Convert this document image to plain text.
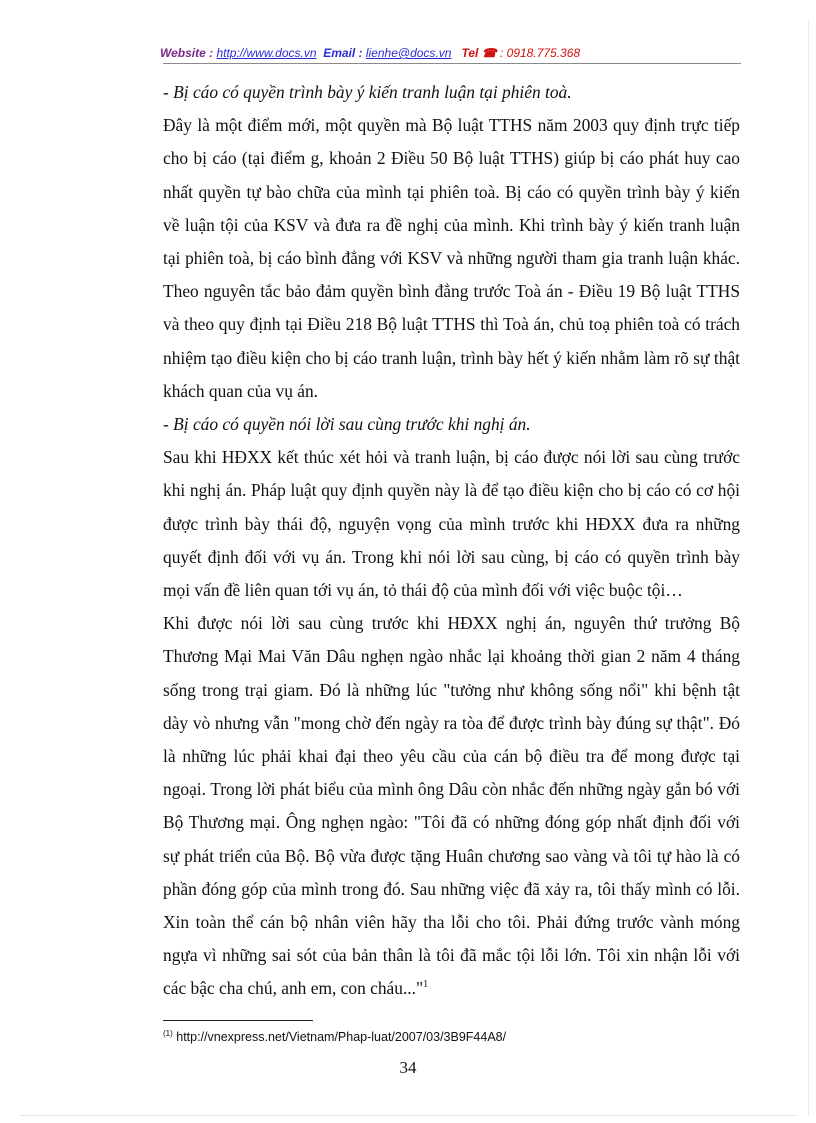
Website : http://www.docs.vn Email : lienhe@docs.vn Tel ☎ : 0918.775.368

- Bị cáo có quyền trình bày ý kiến tranh luận tại phiên toà.

Đây là một điểm mới, một quyền mà Bộ luật TTHS năm 2003 quy định trực tiếp cho bị cáo (tại điểm g, khoản 2 Điều 50 Bộ luật TTHS) giúp bị cáo phát huy cao nhất quyền tự bào chữa của mình tại phiên toà. Bị cáo có quyền trình bày ý kiến về luận tội của KSV và đưa ra đề nghị của mình. Khi trình bày ý kiến tranh luận tại phiên toà, bị cáo bình đẳng với KSV và những người tham gia tranh luận khác. Theo nguyên tắc bảo đảm quyền bình đẳng trước Toà án - Điều 19 Bộ luật TTHS và theo quy định tại Điều 218 Bộ luật TTHS thì Toà án, chủ toạ phiên toà có trách nhiệm tạo điều kiện cho bị cáo tranh luận, trình bày hết ý kiến nhằm làm rõ sự thật khách quan của vụ án.

- Bị cáo có quyền nói lời sau cùng trước khi nghị án.

Sau khi HĐXX kết thúc xét hỏi và tranh luận, bị cáo được nói lời sau cùng trước khi nghị án. Pháp luật quy định quyền này là để tạo điều kiện cho bị cáo có cơ hội được trình bày thái độ, nguyện vọng của mình trước khi HĐXX đưa ra những quyết định đối với vụ án. Trong khi nói lời sau cùng, bị cáo có quyền trình bày mọi vấn đề liên quan tới vụ án, tỏ thái độ của mình đối với việc buộc tội…

Khi được nói lời sau cùng trước khi HĐXX nghị án, nguyên thứ trưởng Bộ Thương Mại Mai Văn Dâu nghẹn ngào nhắc lại khoảng thời gian 2 năm 4 tháng sống trong trại giam. Đó là những lúc "tưởng như không sống nổi" khi bệnh tật dày vò nhưng vẫn "mong chờ đến ngày ra tòa để được trình bày đúng sự thật". Đó là những lúc phải khai đại theo yêu cầu của cán bộ điều tra để mong được tại ngoại. Trong lời phát biểu của mình ông Dâu còn nhắc đến những ngày gắn bó với Bộ Thương mại. Ông nghẹn ngào: "Tôi đã có những đóng góp nhất định đối với sự phát triển của Bộ. Bộ vừa được tặng Huân chương sao vàng và tôi tự hào là có phần đóng góp của mình trong đó. Sau những việc đã xảy ra, tôi thấy mình có lỗi. Xin toàn thể cán bộ nhân viên hãy tha lỗi cho tôi. Phải đứng trước vành móng ngựa vì những sai sót của bản thân là tôi đã mắc tội lỗi lớn. Tôi xin nhận lỗi với các bậc cha chú, anh em, con cháu..."$^1$

$^{(1)}$ http://vnexpress.net/Vietnam/Phap-luat/2007/03/3B9F44A8/
34
